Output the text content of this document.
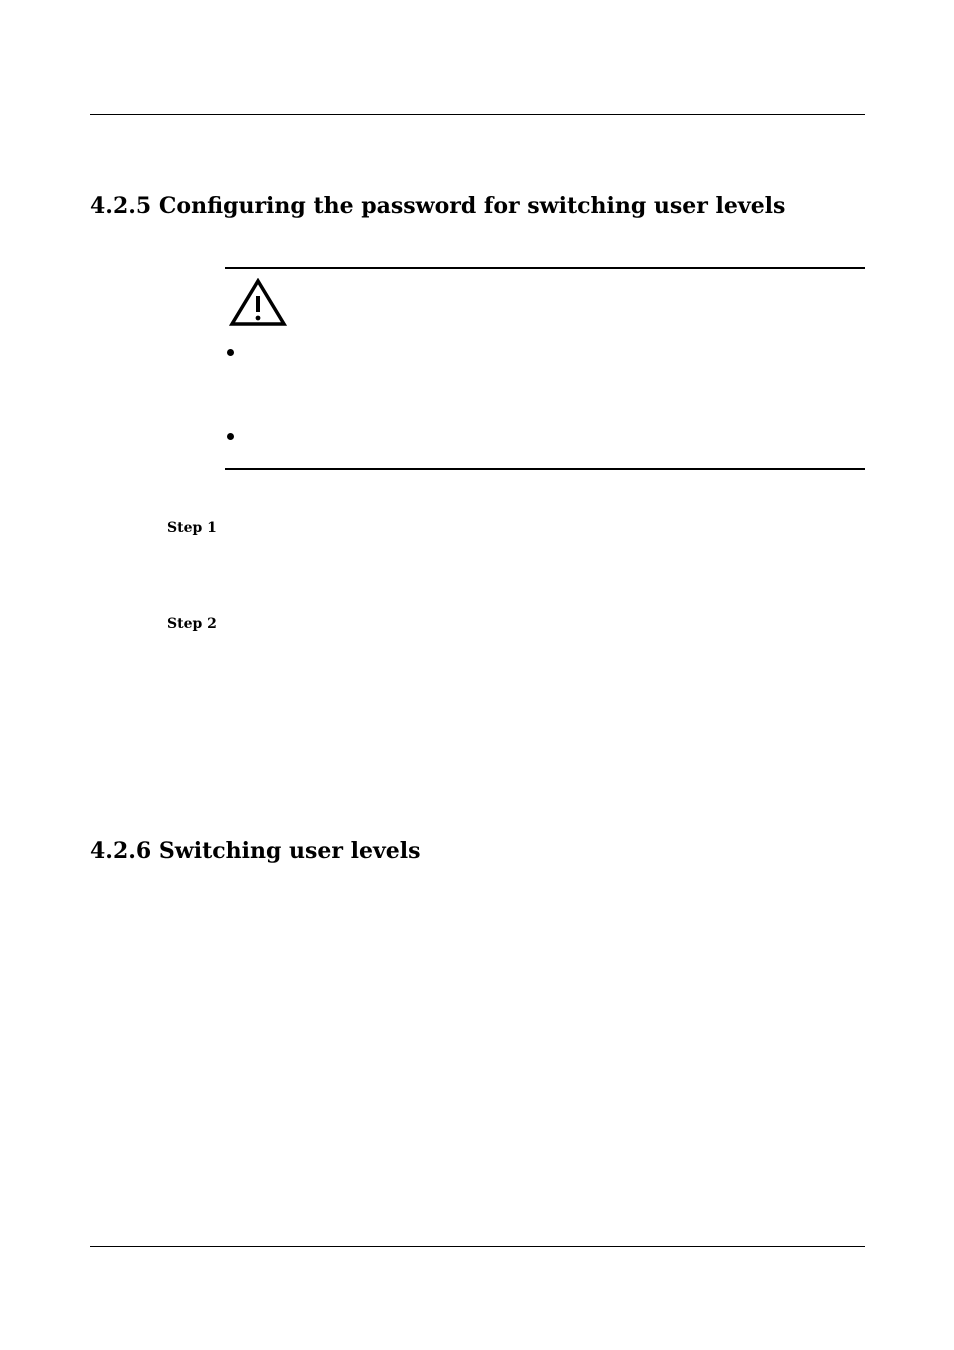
4.2.5 Configuring the password for switching user levels
Step 1
Step 2
4.2.6 Switching user levels
